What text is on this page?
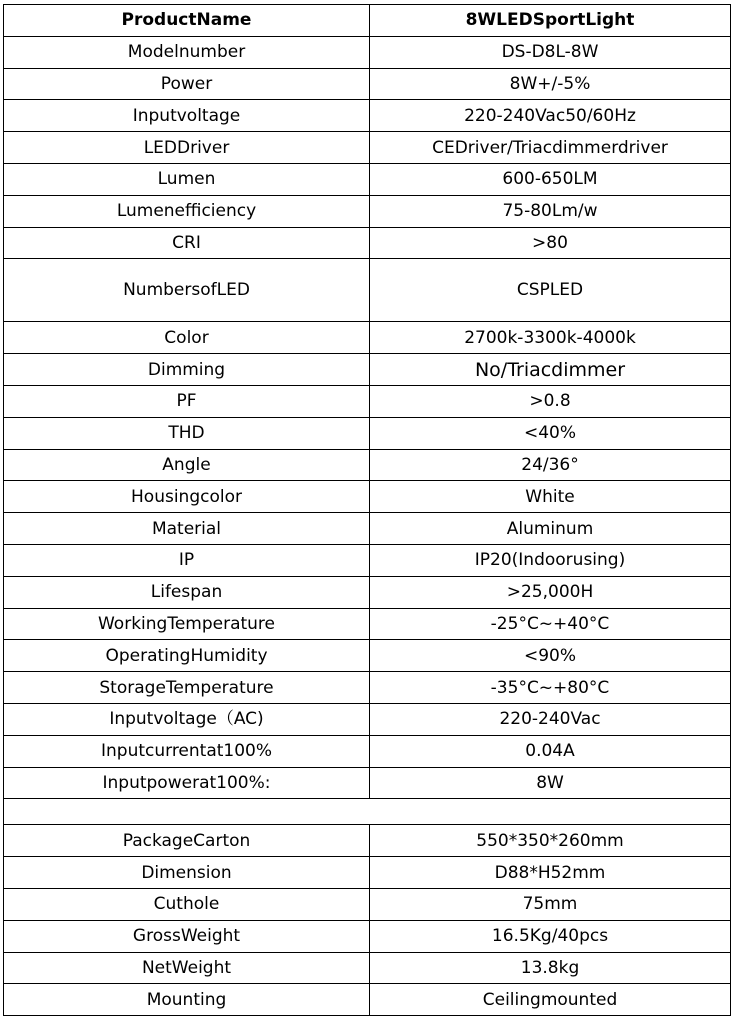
ProductName	8WLEDSportLight
Modelnumber	DS-D8L-8W
Power	8W+/-5%
Inputvoltage	220-240Vac50/60Hz
LEDDriver	CEDriver/Triacdimmerdriver
Lumen	600-650LM
Lumenefficiency	75-80Lm/w
CRI	>80
NumbersofLED	CSPLED
Color	2700k-3300k-4000k
Dimming	No/Triacdimmer
PF	>0.8
THD	<40%
Angle	24/36°
Housingcolor	White
Material	Aluminum
IP	IP20(Indoorusing)
Lifespan	>25,000H
WorkingTemperature	-25°C~+40°C
OperatingHumidity	<90%
StorageTemperature	-35°C~+80°C
Inputvoltage（AC)	220-240Vac
Inputcurrentat100%	0.04A
Inputpowerat100%:	8W

PackageCarton	550*350*260mm
Dimension	D88*H52mm
Cuthole	75mm
GrossWeight	16.5Kg/40pcs
NetWeight	13.8kg
Mounting	Ceilingmounted
